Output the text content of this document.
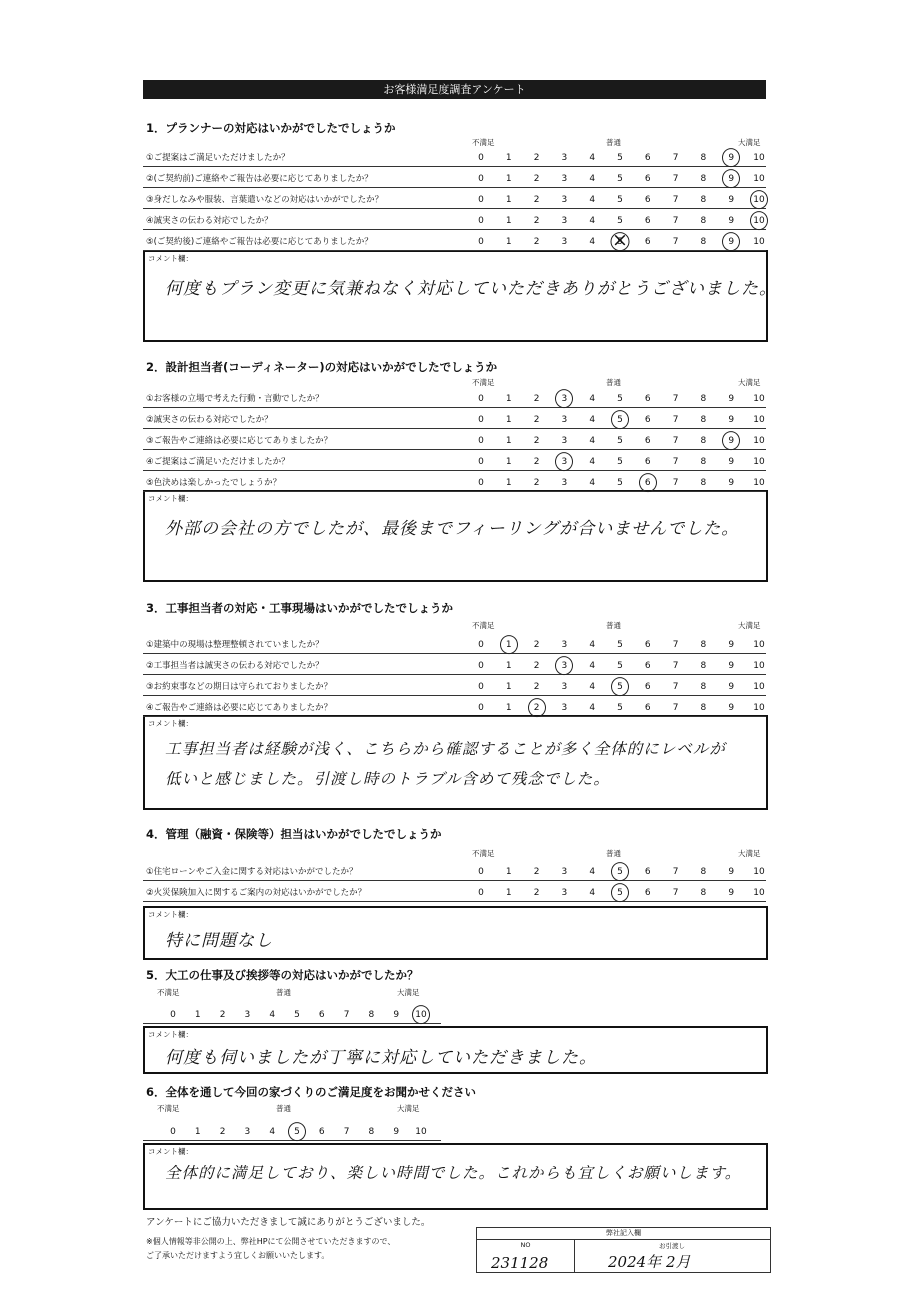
お客様満足度調査アンケート
1．プランナーの対応はいかがでしたでしょうか
コメント欄：
何度もプラン変更に気兼ねなく対応していただきありがとうございました。
2．設計担当者(コーディネーター)の対応はいかがでしたでしょうか
コメント欄：
外部の会社の方でしたが、最後までフィーリングが合いませんでした。
3．工事担当者の対応・工事現場はいかがでしたでしょうか
コメント欄：
工事担当者は経験が浅く、こちらから確認することが多く全体的にレベルが
低いと感じました。引渡し時のトラブル含めて残念でした。
4．管理（融資・保険等）担当はいかがでしたでしょうか
コメント欄：
特に問題なし
5．大工の仕事及び挨拶等の対応はいかがでしたか？
コメント欄：
何度も伺いましたが丁寧に対応していただきました。
6．全体を通して今回の家づくりのご満足度をお聞かせください
コメント欄：
全体的に満足しており、楽しい時間でした。これからも宜しくお願いします。
アンケートにご協力いただきまして誠にありがとうございました。
※個人情報等非公開の上、弊社HPにて公開させていただきますので、
ご了承いただけますよう宜しくお願いいたします。
弊社記入欄
NO
231128
お引渡し
2024年 2月
不満足	普通	大満足
①ご提案はご満足いただけましたか？	0	1	2	3	4	5	6	7	8	9	10
②(ご契約前)ご連絡やご報告は必要に応じてありましたか？	0	1	2	3	4	5	6	7	8	9	10
③身だしなみや服装、言葉遣いなどの対応はいかがでしたか？	0	1	2	3	4	5	6	7	8	9	10
④誠実さの伝わる対応でしたか？	0	1	2	3	4	5	6	7	8	9	10
⑤(ご契約後)ご連絡やご報告は必要に応じてありましたか？	0	1	2	3	4	5 ×	6	7	8	9	10
不満足	普通	大満足
①お客様の立場で考えた行動・言動でしたか？	0	1	2	3	4	5	6	7	8	9	10
②誠実さの伝わる対応でしたか？	0	1	2	3	4	5	6	7	8	9	10
③ご報告やご連絡は必要に応じてありましたか？	0	1	2	3	4	5	6	7	8	9	10
④ご提案はご満足いただけましたか？	0	1	2	3	4	5	6	7	8	9	10
⑤色決めは楽しかったでしょうか？	0	1	2	3	4	5	6	7	8	9	10
不満足	普通	大満足
①建築中の現場は整理整頓されていましたか？	0	1	2	3	4	5	6	7	8	9	10
②工事担当者は誠実さの伝わる対応でしたか？	0	1	2	3	4	5	6	7	8	9	10
③お約束事などの期日は守られておりましたか？	0	1	2	3	4	5	6	7	8	9	10
④ご報告やご連絡は必要に応じてありましたか？	0	1	2	3	4	5	6	7	8	9	10
不満足	普通	大満足
①住宅ローンやご入金に関する対応はいかがでしたか？	0	1	2	3	4	5	6	7	8	9	10
②火災保険加入に関するご案内の対応はいかがでしたか？	0	1	2	3	4	5	6	7	8	9	10
不満足	普通	大満足
0	1	2	3	4	5	6	7	8	9	10
不満足	普通	大満足
0	1	2	3	4	5	6	7	8	9	10
